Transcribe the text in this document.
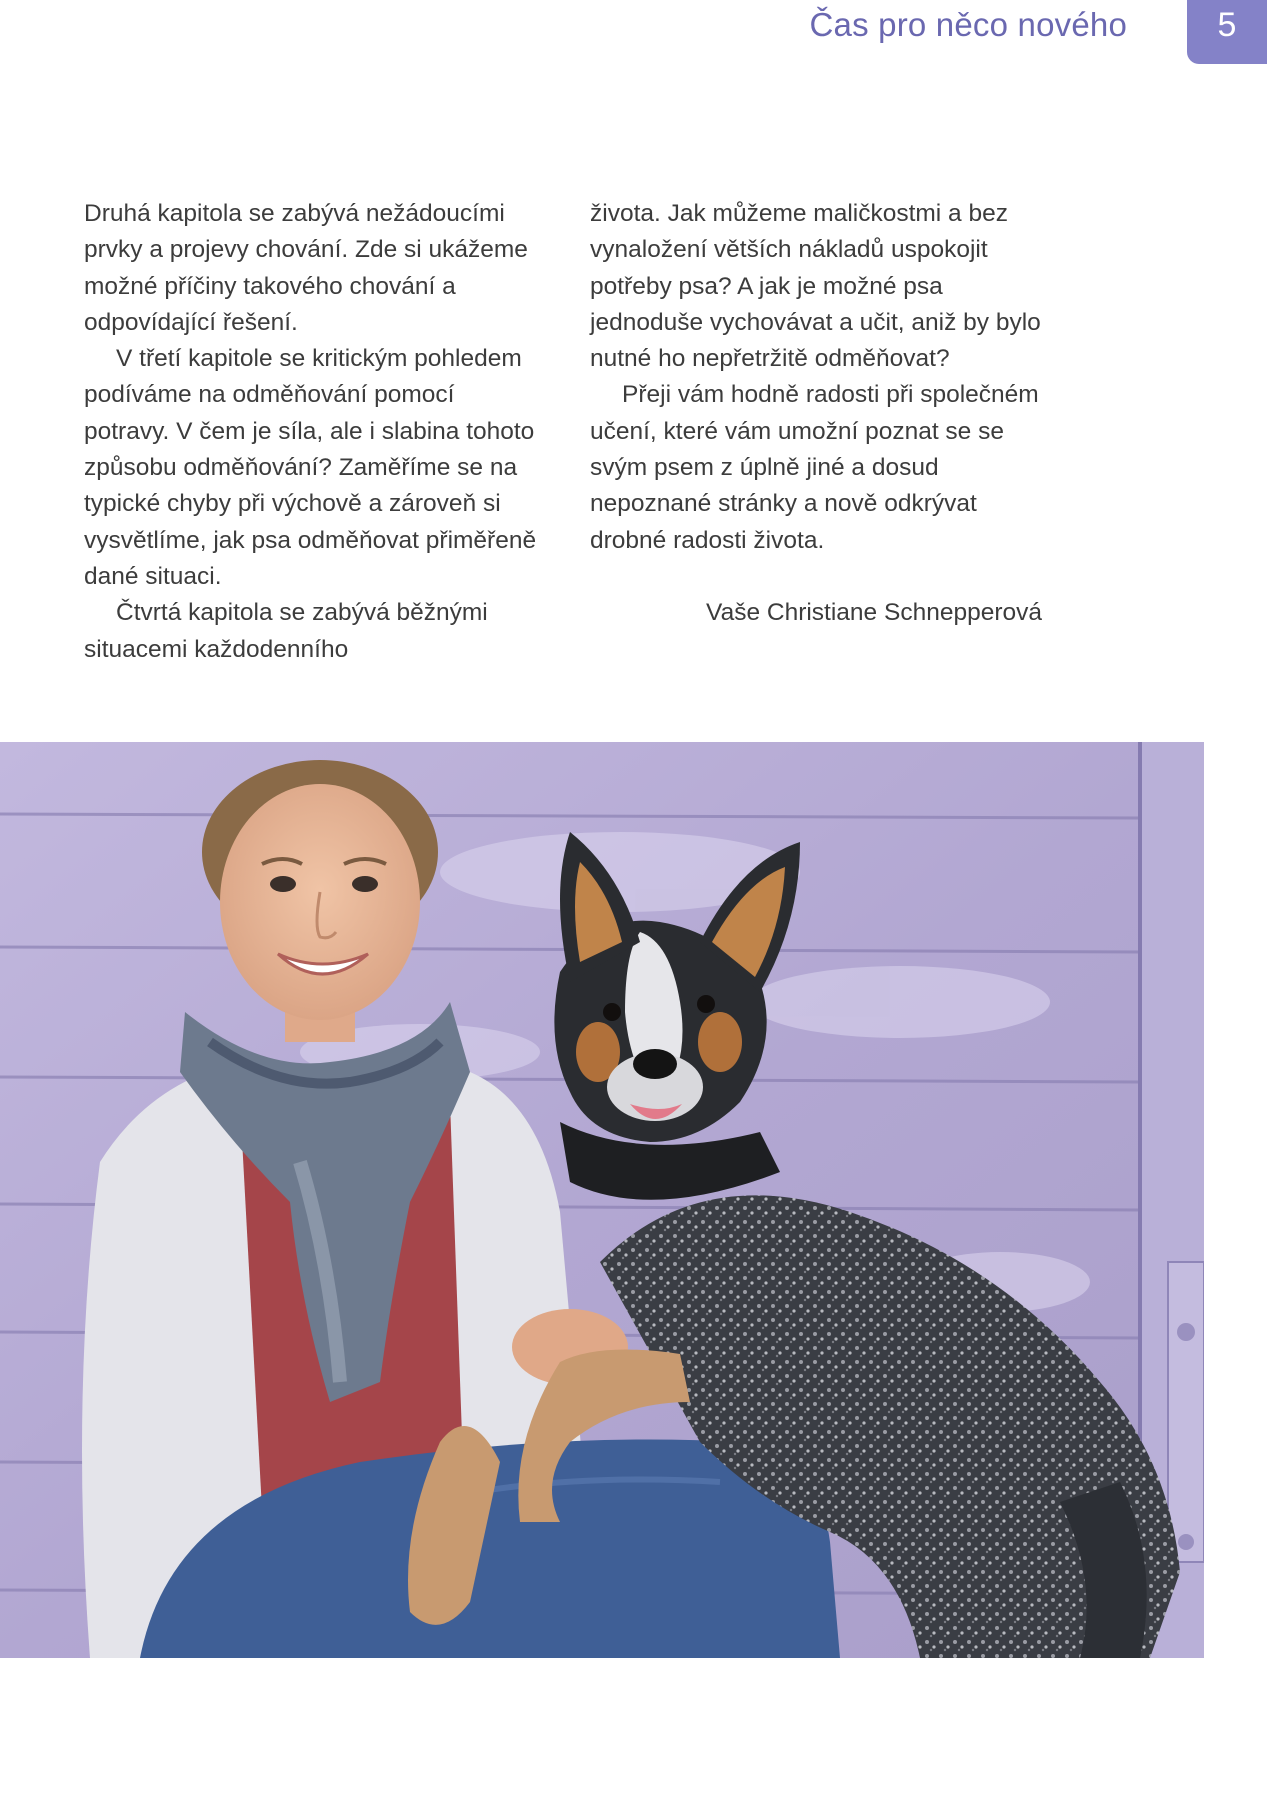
Čas pro něco nového	5

Druhá kapitola se zabývá nežádoucími prvky a projevy chování. Zde si ukážeme možné příčiny takového chování a odpovídající řešení.

V třetí kapitole se kritickým pohledem podíváme na odměňování pomocí potravy. V čem je síla, ale i slabina tohoto způsobu odměňování? Zaměříme se na typické chyby při výchově a zároveň si vysvětlíme, jak psa odměňovat přiměřeně dané situaci.

Čtvrtá kapitola se zabývá běžnými situacemi každodenního

života. Jak můžeme maličkostmi a bez vynaložení větších nákladů uspokojit potřeby psa? A jak je možné psa jednoduše vychovávat a učit, aniž by bylo nutné ho nepřetržitě odměňovat?

Přeji vám hodně radosti při společném učení, které vám umožní poznat se se svým psem z úplně jiné a dosud nepoznané stránky a nově odkrývat drobné radosti života.

Vaše Christiane Schnepperová
